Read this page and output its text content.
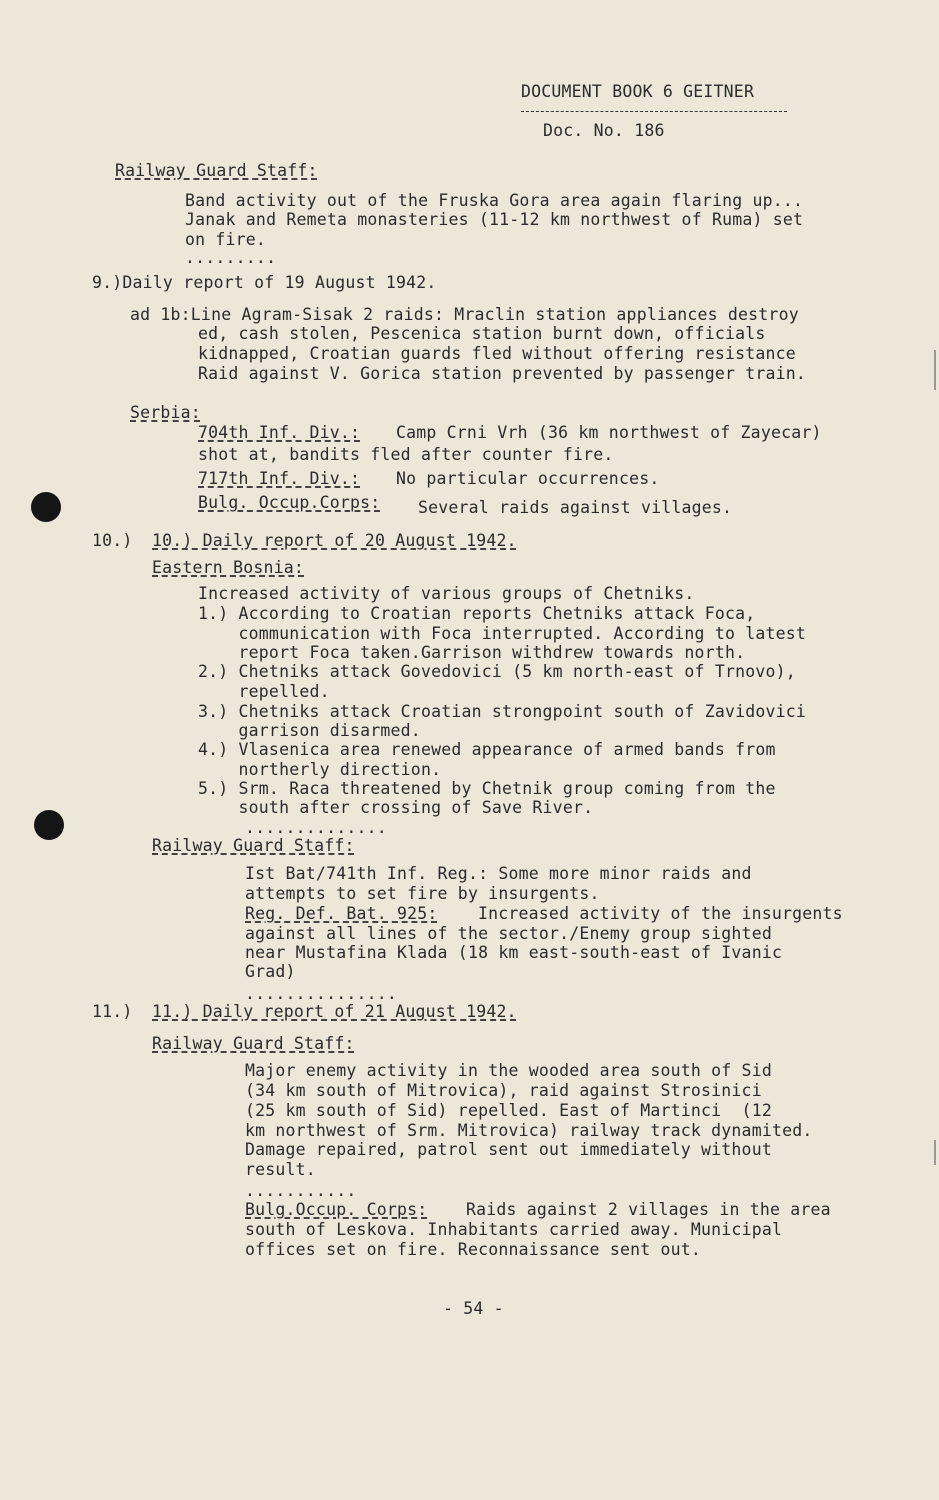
DOCUMENT BOOK 6 GEITNER
Doc. No. 186
Railway Guard Staff:
Band activity out of the Fruska Gora area again flaring up...
Janak and Remeta monasteries (11-12 km northwest of Ruma) set
on fire.
.........
9.)Daily report of 19 August 1942.
ad 1b:Line Agram-Sisak 2 raids: Mraclin station appliances destroy
ed, cash stolen, Pescenica station burnt down, officials
kidnapped, Croatian guards fled without offering resistance
Raid against V. Gorica station prevented by passenger train.
Serbia:
704th Inf. Div.: Camp Crni Vrh (36 km northwest of Zayecar)
shot at, bandits fled after counter fire.
717th Inf. Div.: No particular occurrences.
Bulg. Occup.Corps: Several raids against villages.
10.) 10.) Daily report of 20 August 1942.
Eastern Bosnia:
Increased activity of various groups of Chetniks.
1.) According to Croatian reports Chetniks attack Foca,
communication with Foca interrupted. According to latest
report Foca taken.Garrison withdrew towards north.
2.) Chetniks attack Govedovici (5 km north-east of Trnovo),
repelled.
3.) Chetniks attack Croatian strongpoint south of Zavidovici
garrison disarmed.
4.) Vlasenica area renewed appearance of armed bands from
northerly direction.
5.) Srm. Raca threatened by Chetnik group coming from the
south after crossing of Save River.
..............
Railway Guard Staff:
Ist Bat/741th Inf. Reg.: Some more minor raids and
attempts to set fire by insurgents.
Reg. Def. Bat. 925: Increased activity of the insurgents
against all lines of the sector./Enemy group sighted
near Mustafina Klada (18 km east-south-east of Ivanic
Grad)
...............
11.) 11.) Daily report of 21 August 1942.
Railway Guard Staff:
Major enemy activity in the wooded area south of Sid
(34 km south of Mitrovica), raid against Strosinici
(25 km south of Sid) repelled. East of Martinci  (12
km northwest of Srm. Mitrovica) railway track dynamited.
Damage repaired, patrol sent out immediately without
result.
...........
Bulg.Occup. Corps: Raids against 2 villages in the area
south of Leskova. Inhabitants carried away. Municipal
offices set on fire. Reconnaissance sent out.
- 54 -
